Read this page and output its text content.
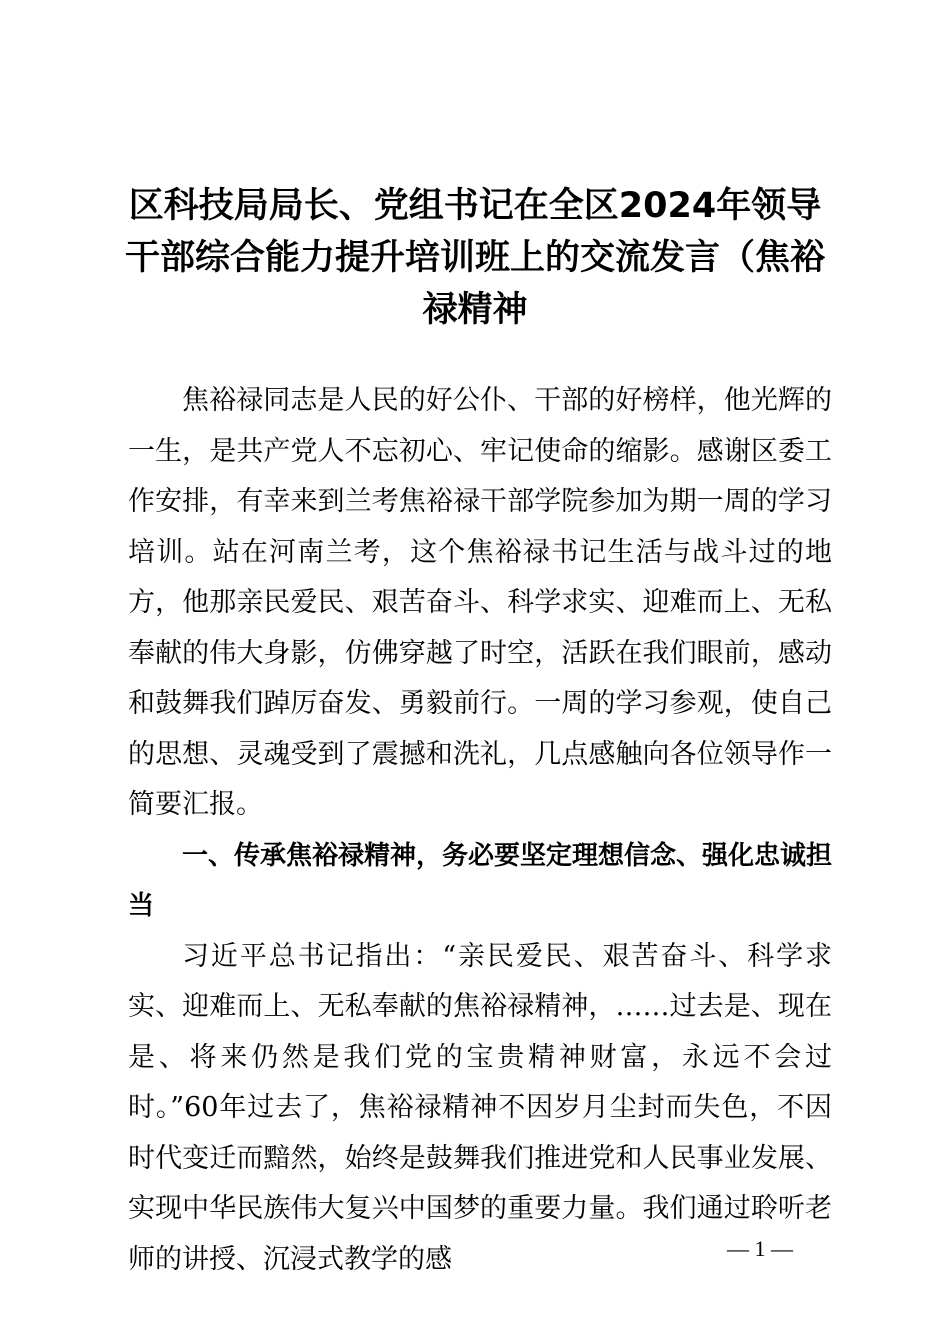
区科技局局长、党组书记在全区2024年领导干部综合能力提升培训班上的交流发言（焦裕禄精神

焦裕禄同志是人民的好公仆、干部的好榜样，他光辉的一生，是共产党人不忘初心、牢记使命的缩影。感谢区委工作安排，有幸来到兰考焦裕禄干部学院参加为期一周的学习培训。站在河南兰考，这个焦裕禄书记生活与战斗过的地方，他那亲民爱民、艰苦奋斗、科学求实、迎难而上、无私奉献的伟大身影，仿佛穿越了时空，活跃在我们眼前，感动和鼓舞我们踔厉奋发、勇毅前行。一周的学习参观，使自己的思想、灵魂受到了震撼和洗礼，几点感触向各位领导作一简要汇报。

一、传承焦裕禄精神，务必要坚定理想信念、强化忠诚担当

习近平总书记指出：“亲民爱民、艰苦奋斗、科学求实、迎难而上、无私奉献的焦裕禄精神，……过去是、现在是、将来仍然是我们党的宝贵精神财富，永远不会过时。”60年过去了，焦裕禄精神不因岁月尘封而失色，不因时代变迁而黯然，始终是鼓舞我们推进党和人民事业发展、实现中华民族伟大复兴中国梦的重要力量。我们通过聆听老师的讲授、沉浸式教学的感	— 1 —
